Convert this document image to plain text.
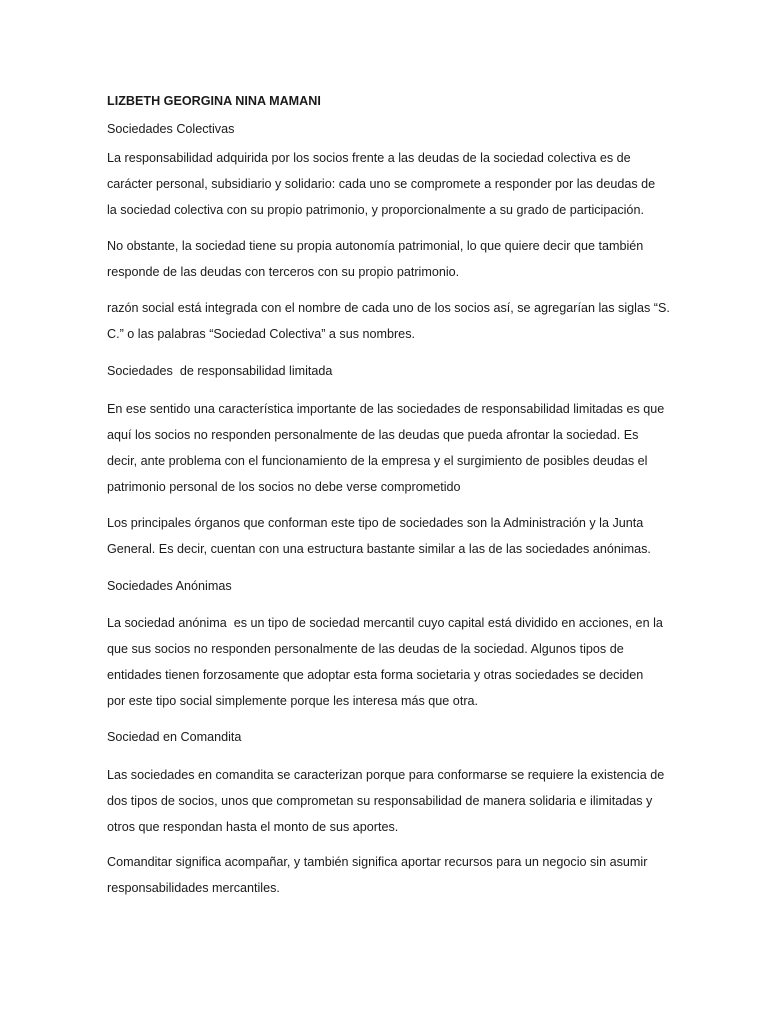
LIZBETH GEORGINA NINA MAMANI
Sociedades Colectivas
La responsabilidad adquirida por los socios frente a las deudas de la sociedad colectiva es de
carácter personal, subsidiario y solidario: cada uno se compromete a responder por las deudas de
la sociedad colectiva con su propio patrimonio, y proporcionalmente a su grado de participación.
No obstante, la sociedad tiene su propia autonomía patrimonial, lo que quiere decir que también
responde de las deudas con terceros con su propio patrimonio.
razón social está integrada con el nombre de cada uno de los socios así, se agregarían las siglas “S.
C.” o las palabras “Sociedad Colectiva” a sus nombres.
Sociedades  de responsabilidad limitada
En ese sentido una característica importante de las sociedades de responsabilidad limitadas es que
aquí los socios no responden personalmente de las deudas que pueda afrontar la sociedad. Es
decir, ante problema con el funcionamiento de la empresa y el surgimiento de posibles deudas el
patrimonio personal de los socios no debe verse comprometido
Los principales órganos que conforman este tipo de sociedades son la Administración y la Junta
General. Es decir, cuentan con una estructura bastante similar a las de las sociedades anónimas.
Sociedades Anónimas
La sociedad anónima  es un tipo de sociedad mercantil cuyo capital está dividido en acciones, en la
que sus socios no responden personalmente de las deudas de la sociedad. Algunos tipos de
entidades tienen forzosamente que adoptar esta forma societaria y otras sociedades se deciden
por este tipo social simplemente porque les interesa más que otra.
Sociedad en Comandita
Las sociedades en comandita se caracterizan porque para conformarse se requiere la existencia de
dos tipos de socios, unos que comprometan su responsabilidad de manera solidaria e ilimitadas y
otros que respondan hasta el monto de sus aportes.
Comanditar significa acompañar, y también significa aportar recursos para un negocio sin asumir
responsabilidades mercantiles.
